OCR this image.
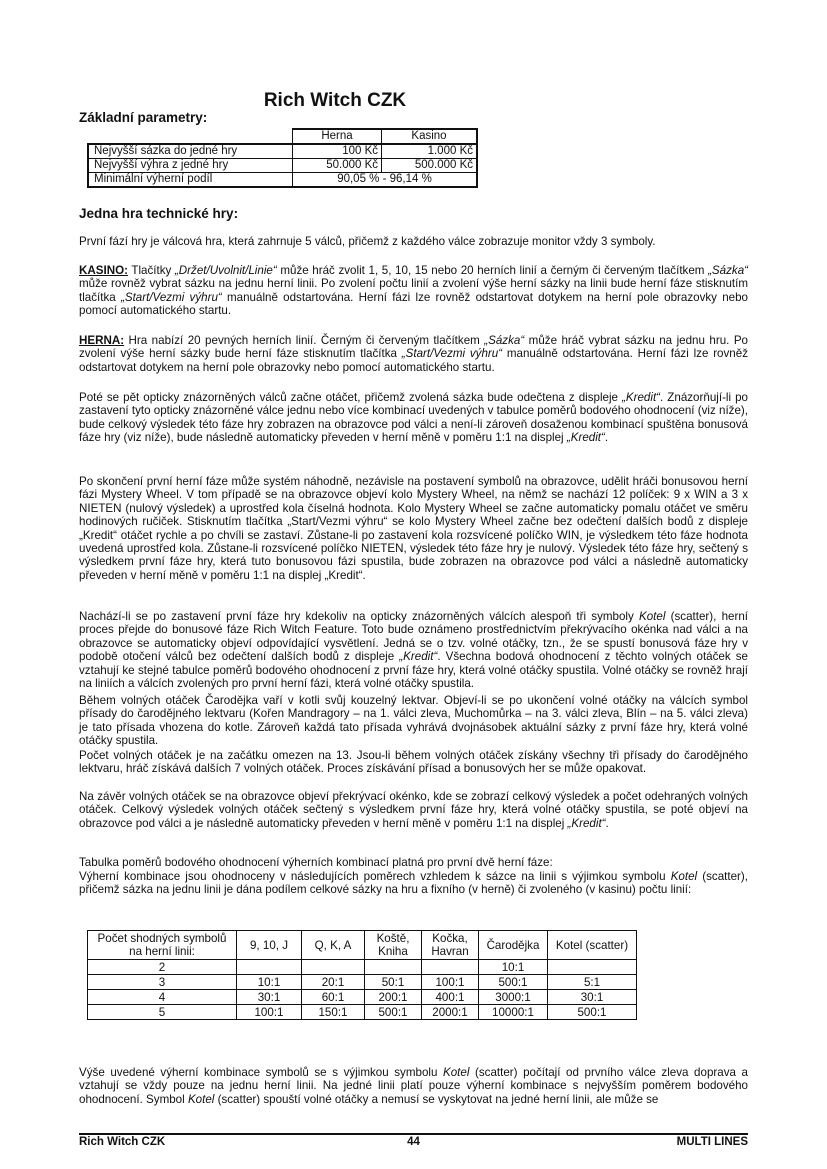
Rich Witch CZK
Základní parametry:
	Herna	Kasino
Nejvyšší sázka do jedné hry	100 Kč	1.000 Kč
Nejvyšší výhra z jedné hry	50.000 Kč	500.000 Kč
Minimální výherní podíl	90,05 % - 96,14 %	
Jedna hra technické hry:
První fází hry je válcová hra, která zahrnuje 5 válců, přičemž z každého válce zobrazuje monitor vždy 3 symboly.
KASINO: Tlačítky „Držet/Uvolnit/Linie“ může hráč zvolit 1, 5, 10, 15 nebo 20 herních linií a černým či červeným tlačítkem „Sázka“ může rovněž vybrat sázku na jednu herní linii. Po zvolení počtu linií a zvolení výše herní sázky na linii bude herní fáze stisknutím tlačítka „Start/Vezmi výhru“ manuálně odstartována. Herní fázi lze rovněž odstartovat dotykem na herní pole obrazovky nebo pomocí automatického startu.
HERNA: Hra nabízí 20 pevných herních linií. Černým či červeným tlačítkem „Sázka“ může hráč vybrat sázku na jednu hru. Po zvolení výše herní sázky bude herní fáze stisknutím tlačítka „Start/Vezmi výhru“ manuálně odstartována. Herní fázi lze rovněž odstartovat dotykem na herní pole obrazovky nebo pomocí automatického startu.
Poté se pět opticky znázorněných válců začne otáčet, přičemž zvolená sázka bude odečtena z displeje „Kredit“. Znázorňují-li po zastavení tyto opticky znázorněné válce jednu nebo více kombinací uvedených v tabulce poměrů bodového ohodnocení (viz níže), bude celkový výsledek této fáze hry zobrazen na obrazovce pod válci a není-li zároveň dosaženou kombinací spuštěna bonusová fáze hry (viz níže), bude následně automaticky převeden v herní měně v poměru 1:1 na displej „Kredit“.
Po skončení první herní fáze může systém náhodně, nezávisle na postavení symbolů na obrazovce, udělit hráči bonusovou herní fázi Mystery Wheel. V tom případě se na obrazovce objeví kolo Mystery Wheel, na němž se nachází 12 políček: 9 x WIN a 3 x NIETEN (nulový výsledek) a uprostřed kola číselná hodnota. Kolo Mystery Wheel se začne automaticky pomalu otáčet ve směru hodinových ručiček. Stisknutím tlačítka „Start/Vezmi výhru“ se kolo Mystery Wheel začne bez odečtení dalších bodů z displeje „Kredit“ otáčet rychle a po chvíli se zastaví. Zůstane-li po zastavení kola rozsvícené políčko WIN, je výsledkem této fáze hodnota uvedená uprostřed kola. Zůstane-li rozsvícené políčko NIETEN, výsledek této fáze hry je nulový. Výsledek této fáze hry, sečtený s výsledkem první fáze hry, která tuto bonusovou fázi spustila, bude zobrazen na obrazovce pod válci a následně automaticky převeden v herní měně v poměru 1:1 na displej „Kredit“.
Nachází-li se po zastavení první fáze hry kdekoliv na opticky znázorněných válcích alespoň tři symboly Kotel (scatter), herní proces přejde do bonusové fáze Rich Witch Feature. Toto bude oznámeno prostřednictvím překrývacího okénka nad válci a na obrazovce se automaticky objeví odpovídající vysvětlení. Jedná se o tzv. volné otáčky, tzn., že se spustí bonusová fáze hry v podobě otočení válců bez odečtení dalších bodů z displeje „Kredit“. Všechna bodová ohodnocení z těchto volných otáček se vztahují ke stejné tabulce poměrů bodového ohodnocení z první fáze hry, která volné otáčky spustila. Volné otáčky se rovněž hrají na liniích a válcích zvolených pro první herní fázi, která volné otáčky spustila.
Během volných otáček Čarodějka vaří v kotli svůj kouzelný lektvar. Objeví-li se po ukončení volné otáčky na válcích symbol přísady do čarodějného lektvaru (Kořen Mandragory – na 1. válci zleva, Muchomůrka – na 3. válci zleva, Blín – na 5. válci zleva) je tato přísada vhozena do kotle. Zároveň každá tato přísada vyhrává dvojnásobek aktuální sázky z první fáze hry, která volné otáčky spustila.
Počet volných otáček je na začátku omezen na 13. Jsou-li během volných otáček získány všechny tři přísady do čarodějného lektvaru, hráč získává dalších 7 volných otáček. Proces získávání přísad a bonusových her se může opakovat.
Na závěr volných otáček se na obrazovce objeví překrývací okénko, kde se zobrazí celkový výsledek a počet odehraných volných otáček. Celkový výsledek volných otáček sečtený s výsledkem první fáze hry, která volné otáčky spustila, se poté objeví na obrazovce pod válci a je následně automaticky převeden v herní měně v poměru 1:1 na displej „Kredit“.
Tabulka poměrů bodového ohodnocení výherních kombinací platná pro první dvě herní fáze:
Výherní kombinace jsou ohodnoceny v následujících poměrech vzhledem k sázce na linii s výjimkou symbolu Kotel (scatter), přičemž sázka na jednu linii je dána podílem celkové sázky na hru a fixního (v herně) či zvoleného (v kasinu) počtu linií:
Počet shodných symbolů na herní linii:	9, 10, J	Q, K, A	Koště, Kniha	Kočka, Havran	Čarodějka	Kotel (scatter)
2					10:1	
3	10:1	20:1	50:1	100:1	500:1	5:1
4	30:1	60:1	200:1	400:1	3000:1	30:1
5	100:1	150:1	500:1	2000:1	10000:1	500:1
Výše uvedené výherní kombinace symbolů se s výjimkou symbolu Kotel (scatter) počítají od prvního válce zleva doprava a vztahují se vždy pouze na jednu herní linii. Na jedné linii platí pouze výherní kombinace s nejvyšším poměrem bodového ohodnocení. Symbol Kotel (scatter) spouští volné otáčky a nemusí se vyskytovat na jedné herní linii, ale může se
Rich Witch CZK	44	MULTI LINES
